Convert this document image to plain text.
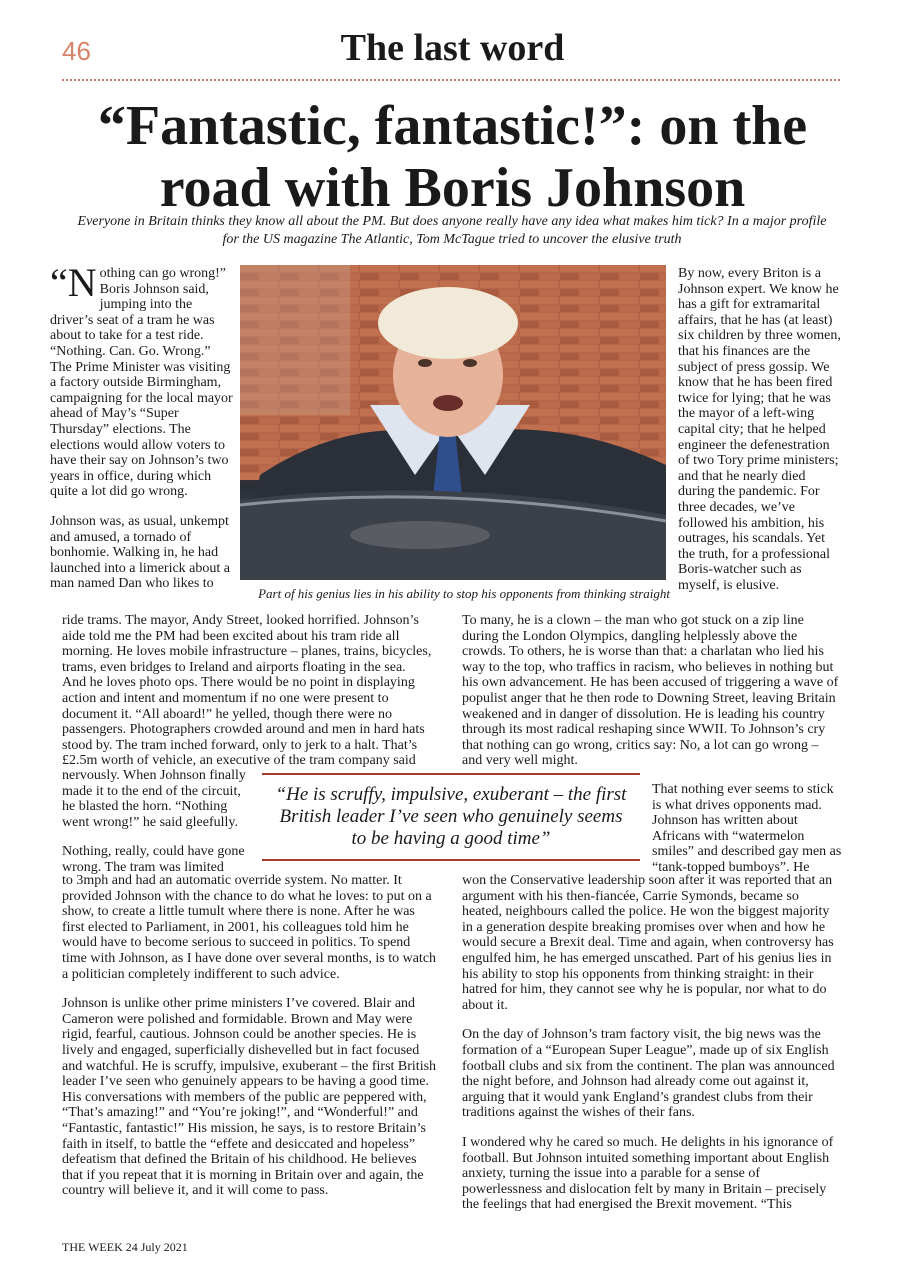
46	The last word
“Fantastic, fantastic!”: on the road with Boris Johnson

Everyone in Britain thinks they know all about the PM. But does anyone really have any idea what makes him tick? In a major profile for the US magazine The Atlantic, Tom McTague tried to uncover the elusive truth

“Nothing can go wrong!” Boris Johnson said, jumping into the driver’s seat of a tram he was about to take for a test ride. “Nothing. Can. Go. Wrong.” The Prime Minister was visiting a factory outside Birmingham, campaigning for the local mayor ahead of May’s “Super Thursday” elections. The elections would allow voters to have their say on Johnson’s two years in office, during which quite a lot did go wrong.

Johnson was, as usual, unkempt and amused, a tornado of bonhomie. Walking in, he had launched into a limerick about a man named Dan who likes to

Part of his genius lies in his ability to stop his opponents from thinking straight

By now, every Briton is a Johnson expert. We know he has a gift for extramarital affairs, that he has (at least) six children by three women, that his finances are the subject of press gossip. We know that he has been fired twice for lying; that he was the mayor of a left-wing capital city; that he helped engineer the defenestration of two Tory prime ministers; and that he nearly died during the pandemic. For three decades, we’ve followed his ambition, his outrages, his scandals. Yet the truth, for a professional Boris-watcher such as myself, is elusive.

ride trams. The mayor, Andy Street, looked horrified. Johnson’s aide told me the PM had been excited about his tram ride all morning. He loves mobile infrastructure – planes, trains, bicycles, trams, even bridges to Ireland and airports floating in the sea. And he loves photo ops. There would be no point in displaying action and intent and momentum if no one were present to document it. “All aboard!” he yelled, though there were no passengers. Photographers crowded around and men in hard hats stood by. The tram inched forward, only to jerk to a halt. That’s £2.5m worth of vehicle, an executive of the tram company said

nervously. When Johnson finally made it to the end of the circuit, he blasted the horn. “Nothing went wrong!” he said gleefully.

Nothing, really, could have gone wrong. The tram was limited

to 3mph and had an automatic override system. No matter. It provided Johnson with the chance to do what he loves: to put on a show, to create a little tumult where there is none. After he was first elected to Parliament, in 2001, his colleagues told him he would have to become serious to succeed in politics. To spend time with Johnson, as I have done over several months, is to watch a politician completely indifferent to such advice.

Johnson is unlike other prime ministers I’ve covered. Blair and Cameron were polished and formidable. Brown and May were rigid, fearful, cautious. Johnson could be another species. He is lively and engaged, superficially dishevelled but in fact focused and watchful. He is scruffy, impulsive, exuberant – the first British leader I’ve seen who genuinely appears to be having a good time. His conversations with members of the public are peppered with, “That’s amazing!” and “You’re joking!”, and “Wonderful!” and “Fantastic, fantastic!” His mission, he says, is to restore Britain’s faith in itself, to battle the “effete and desiccated and hopeless” defeatism that defined the Britain of his childhood. He believes that if you repeat that it is morning in Britain over and again, the country will believe it, and it will come to pass.

To many, he is a clown – the man who got stuck on a zip line during the London Olympics, dangling helplessly above the crowds. To others, he is worse than that: a charlatan who lied his way to the top, who traffics in racism, who believes in nothing but his own advancement. He has been accused of triggering a wave of populist anger that he then rode to Downing Street, leaving Britain weakened and in danger of dissolution. He is leading his country through its most radical reshaping since WWII. To Johnson’s cry that nothing can go wrong, critics say: No, a lot can go wrong – and very well might.

That nothing ever seems to stick is what drives opponents mad. Johnson has written about Africans with “watermelon smiles” and described gay men as “tank-topped bumboys”. He

won the Conservative leadership soon after it was reported that an argument with his then-fiancée, Carrie Symonds, became so heated, neighbours called the police. He won the biggest majority in a generation despite breaking promises over when and how he would secure a Brexit deal. Time and again, when controversy has engulfed him, he has emerged unscathed. Part of his genius lies in his ability to stop his opponents from thinking straight: in their hatred for him, they cannot see why he is popular, nor what to do about it.

On the day of Johnson’s tram factory visit, the big news was the formation of a “European Super League”, made up of six English football clubs and six from the continent. The plan was announced the night before, and Johnson had already come out against it, arguing that it would yank England’s grandest clubs from their traditions against the wishes of their fans.

I wondered why he cared so much. He delights in his ignorance of football. But Johnson intuited something important about English anxiety, turning the issue into a parable for a sense of powerlessness and dislocation felt by many in Britain – precisely the feelings that had energised the Brexit movement. “This

“He is scruffy, impulsive, exuberant – the first British leader I’ve seen who genuinely seems to be having a good time”
THE WEEK 24 July 2021
